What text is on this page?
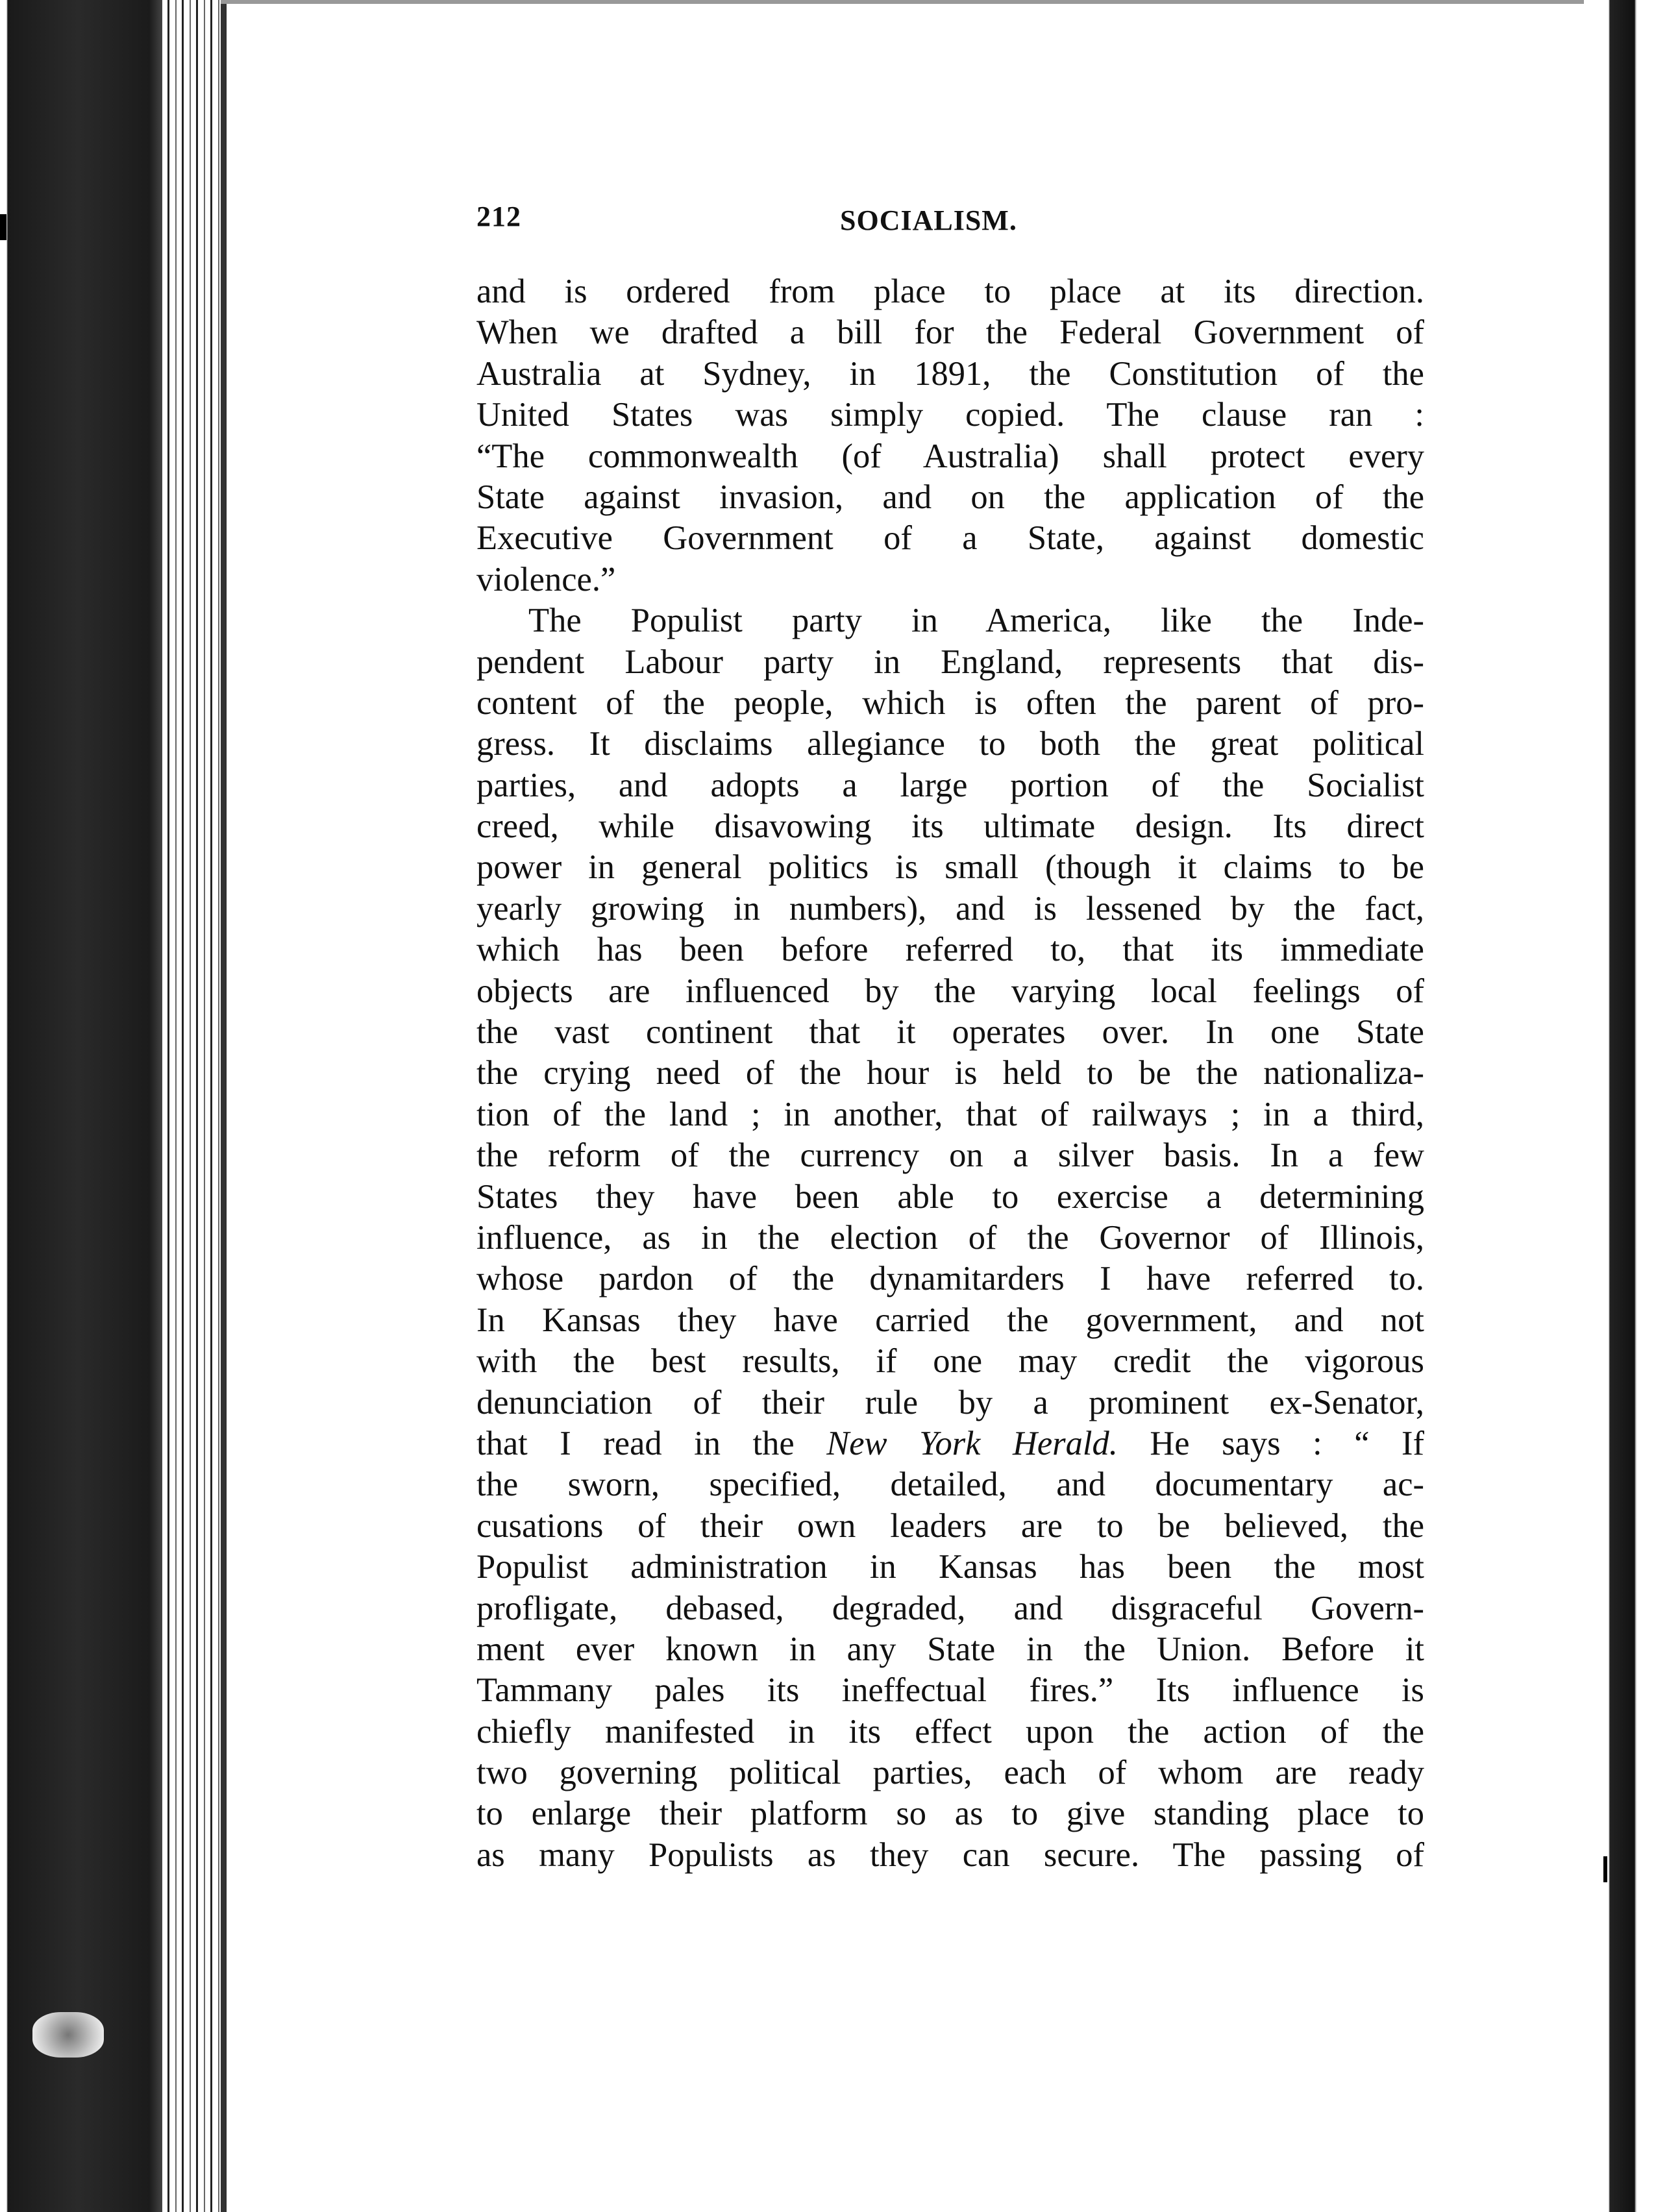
212	SOCIALISM.
and is ordered from place to place at its direction.
When we drafted a bill for the Federal Government of
Australia at Sydney, in 1891, the Constitution of the
United States was simply copied. The clause ran :
“The commonwealth (of Australia) shall protect every
State against invasion, and on the application of the
Executive Government of a State, against domestic
violence.”
The Populist party in America, like the Inde-
pendent Labour party in England, represents that dis-
content of the people, which is often the parent of pro-
gress. It disclaims allegiance to both the great political
parties, and adopts a large portion of the Socialist
creed, while disavowing its ultimate design. Its direct
power in general politics is small (though it claims to be
yearly growing in numbers), and is lessened by the fact,
which has been before referred to, that its immediate
objects are influenced by the varying local feelings of
the vast continent that it operates over. In one State
the crying need of the hour is held to be the nationaliza-
tion of the land ; in another, that of railways ; in a third,
the reform of the currency on a silver basis. In a few
States they have been able to exercise a determining
influence, as in the election of the Governor of Illinois,
whose pardon of the dynamitarders I have referred to.
In Kansas they have carried the government, and not
with the best results, if one may credit the vigorous
denunciation of their rule by a prominent ex-Senator,
that I read in the New York Herald. He says : “ If
the sworn, specified, detailed, and documentary ac-
cusations of their own leaders are to be believed, the
Populist administration in Kansas has been the most
profligate, debased, degraded, and disgraceful Govern-
ment ever known in any State in the Union. Before it
Tammany pales its ineffectual fires.” Its influence is
chiefly manifested in its effect upon the action of the
two governing political parties, each of whom are ready
to enlarge their platform so as to give standing place to
as many Populists as they can secure. The passing of
